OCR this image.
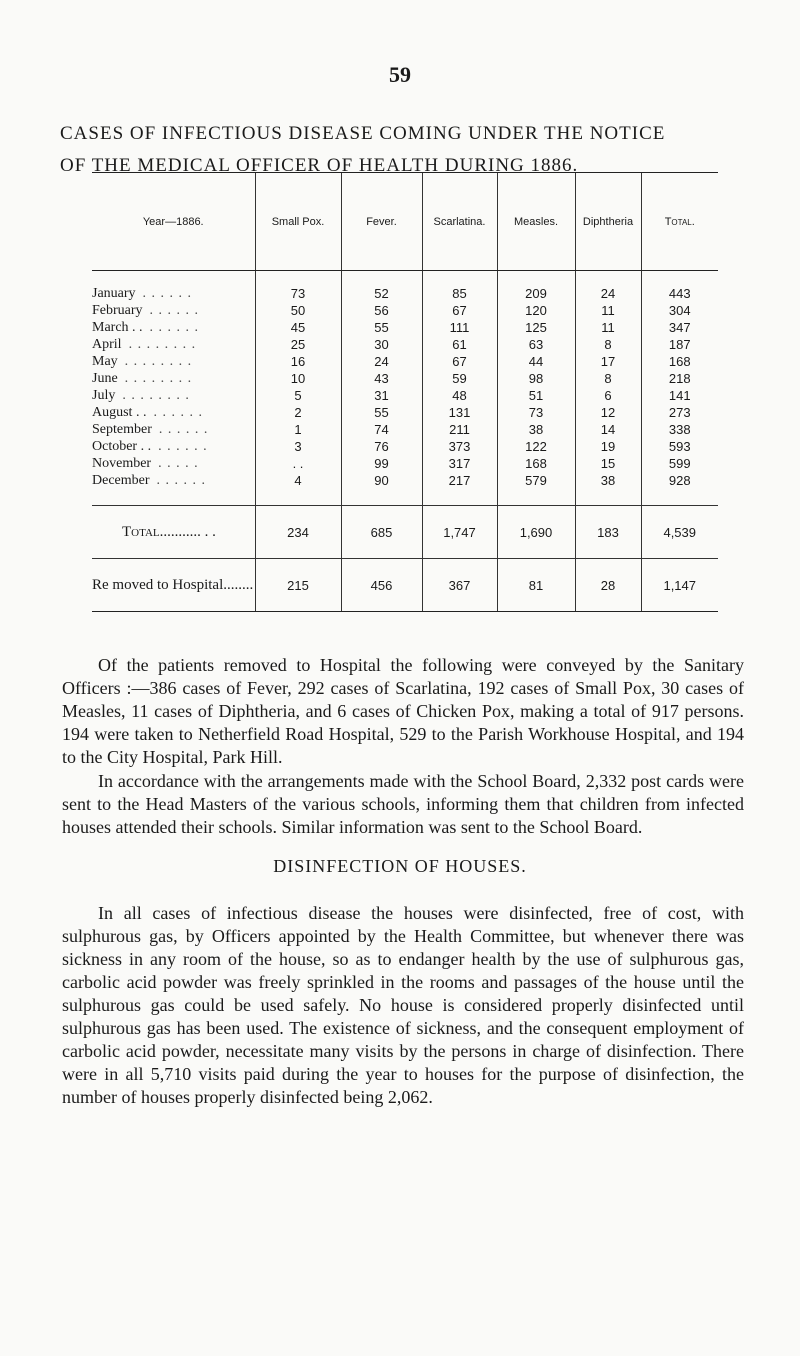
59
CASES OF INFECTIOUS DISEASE COMING UNDER THE NOTICE
OF THE MEDICAL OFFICER OF HEALTH DURING 1886.
Year—1886.	Small Pox.	Fever.	Scarlatina.	Measles.	Diphtheria	Total.
January . . . . . .	73	52	85	209	24	443
February . . . . . .	50	56	67	120	11	304
March . . . . . . . .	45	55	111	125	11	347
April . . . . . . . .	25	30	61	63	8	187
May . . . . . . . .	16	24	67	44	17	168
June . . . . . . . .	10	43	59	98	8	218
July . . . . . . . .	5	31	48	51	6	141
August . . . . . . . .	2	55	131	73	12	273
September . . . . . .	1	74	211	38	14	338
October . . . . . . . .	3	76	373	122	19	593
November . . . . .	. .	99	317	168	15	599
December . . . . . .	4	90	217	579	38	928
Total........... . .	234	685	1,747	1,690	183	4,539
Re moved to Hospital........	215	456	367	81	28	1,147
Of the patients removed to Hospital the following were conveyed by the Sanitary Officers :—386 cases of Fever, 292 cases of Scarlatina, 192 cases of Small Pox, 30 cases of Measles, 11 cases of Diphtheria, and 6 cases of Chicken Pox, making a total of 917 persons. 194 were taken to Netherfield Road Hospital, 529 to the Parish Workhouse Hospital, and 194 to the City Hospital, Park Hill.
In accordance with the arrangements made with the School Board, 2,332 post cards were sent to the Head Masters of the various schools, informing them that children from infected houses attended their schools. Similar information was sent to the School Board.
DISINFECTION OF HOUSES.
In all cases of infectious disease the houses were disinfected, free of cost, with sulphurous gas, by Officers appointed by the Health Committee, but whenever there was sickness in any room of the house, so as to endanger health by the use of sulphurous gas, carbolic acid powder was freely sprinkled in the rooms and passages of the house until the sulphurous gas could be used safely. No house is considered properly disinfected until sulphurous gas has been used. The existence of sickness, and the consequent employment of carbolic acid powder, necessitate many visits by the persons in charge of disinfection. There were in all 5,710 visits paid during the year to houses for the purpose of disinfection, the number of houses properly disinfected being 2,062.
